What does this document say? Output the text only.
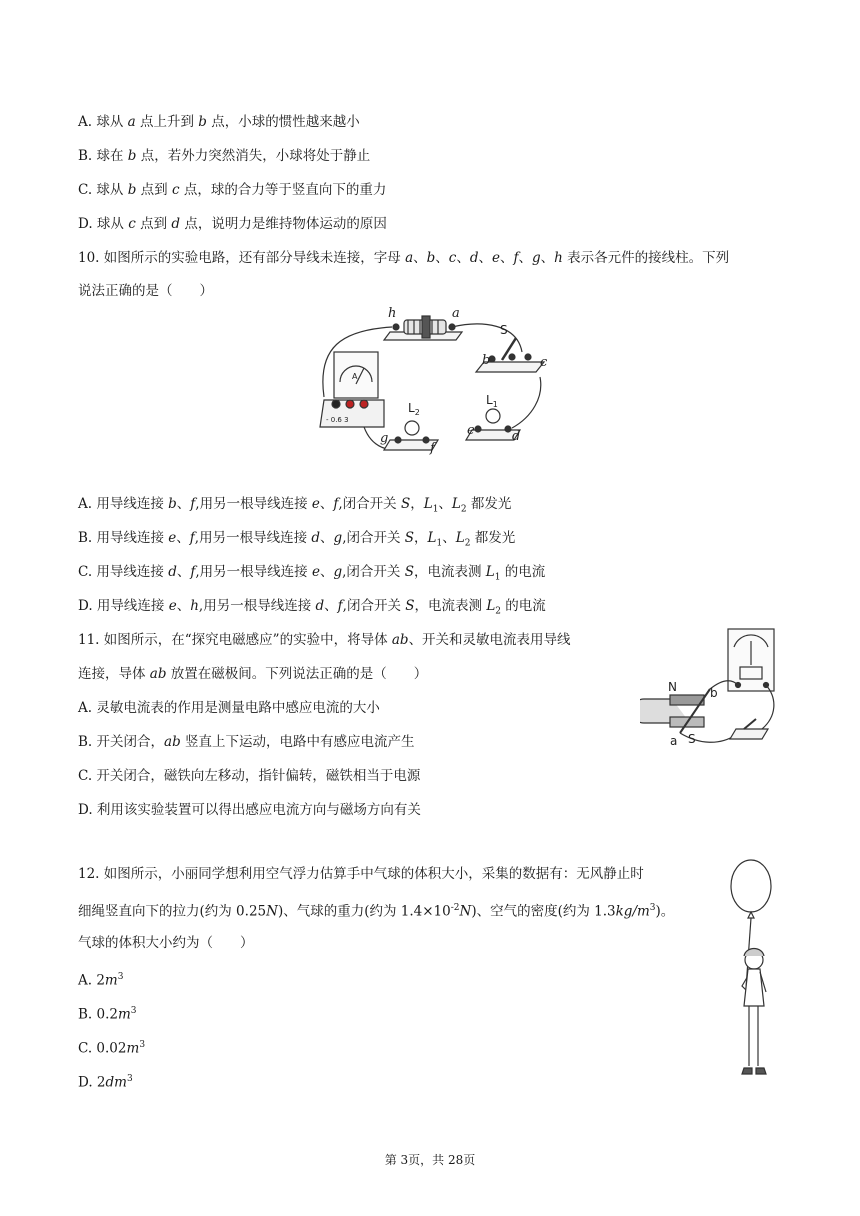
A. 球从 a 点上升到 b 点，小球的惯性越来越小
B. 球在 b 点，若外力突然消失，小球将处于静止
C. 球从 b 点到 c 点，球的合力等于竖直向下的重力
D. 球从 c 点到 d 点，说明力是维持物体运动的原因
10. 如图所示的实验电路，还有部分导线未连接，字母 a、b、c、d、e、f、g、h 表示各元件的接线柱。下列
说法正确的是（　　）
h	a
b	c
e	d
g
f
S
$L_1$
$L_2$
A
- 0.6 3
A. 用导线连接 b、f,用另一根导线连接 e、f,闭合开关 S，$L_1$、$L_2$ 都发光
B. 用导线连接 e、f,用另一根导线连接 d、g,闭合开关 S，$L_1$、$L_2$ 都发光
C. 用导线连接 d、f,用另一根导线连接 e、g,闭合开关 S，电流表测 $L_1$ 的电流
D. 用导线连接 e、h,用另一根导线连接 d、f,闭合开关 S，电流表测 $L_2$ 的电流
11. 如图所示，在“探究电磁感应”的实验中，将导体 ab、开关和灵敏电流表用导线
连接，导体 ab 放置在磁极间。下列说法正确的是（　　）
A. 灵敏电流表的作用是测量电路中感应电流的大小
B. 开关闭合，ab 竖直上下运动，电路中有感应电流产生
C. 开关闭合，磁铁向左移动，指针偏转，磁铁相当于电源
D. 利用该实验装置可以得出感应电流方向与磁场方向有关
N
S
a
b
12. 如图所示，小丽同学想利用空气浮力估算手中气球的体积大小，采集的数据有：无风静止时
细绳竖直向下的拉力(约为 0.25N)、气球的重力(约为 $1.4\times 10^{-2}N$)、空气的密度(约为 $1.3kg/m^3$)。
气球的体积大小约为（　　）
A. $2m^3$
B. $0.2m^3$
C. $0.02m^3$
D. $2dm^3$
第 3页，共 28页
